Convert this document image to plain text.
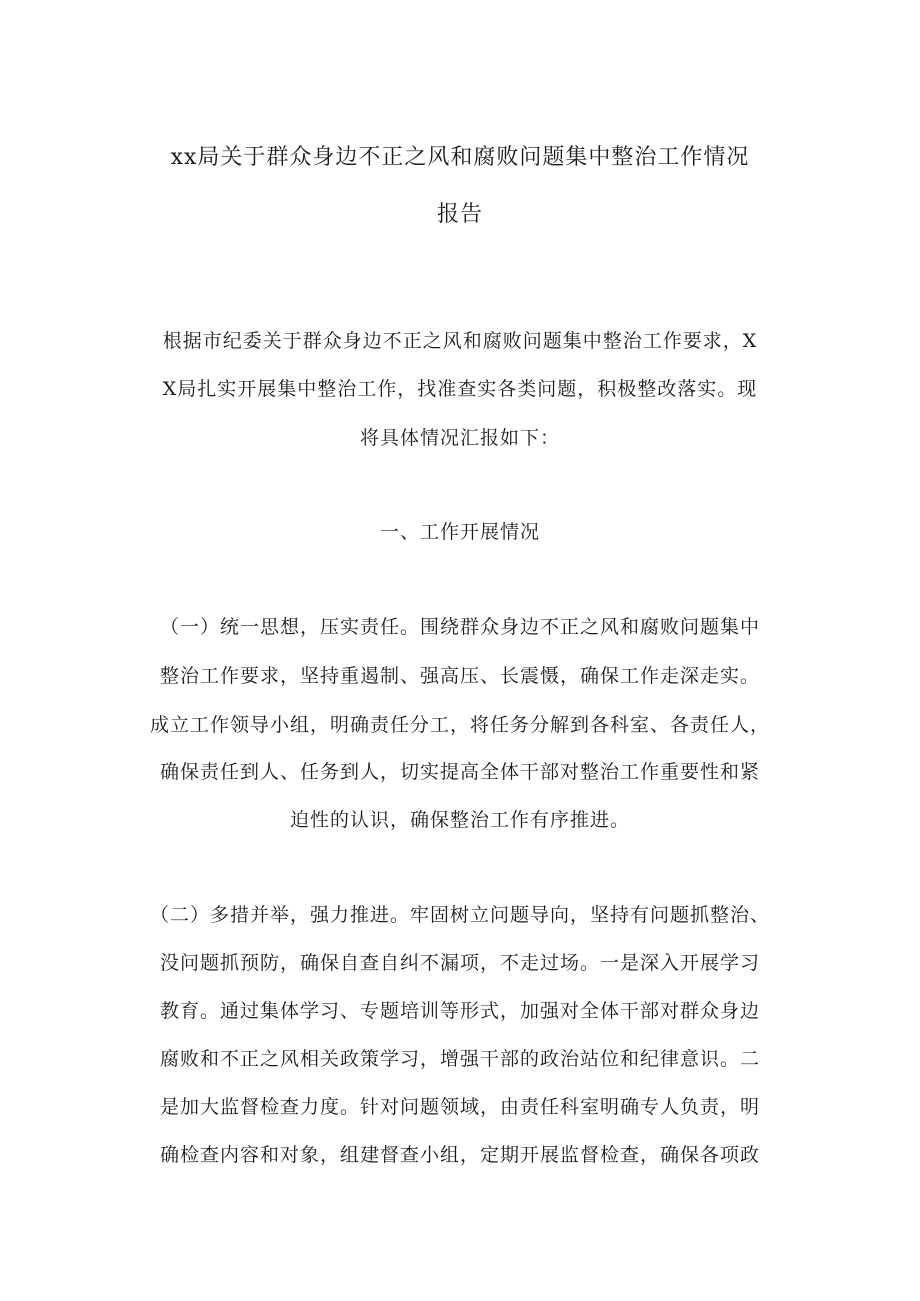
xx局关于群众身边不正之风和腐败问题集中整治工作情况
报告
根据市纪委关于群众身边不正之风和腐败问题集中整治工作要求，X
X局扎实开展集中整治工作，找准查实各类问题，积极整改落实。现
将具体情况汇报如下：
一、工作开展情况
（一）统一思想，压实责任。围绕群众身边不正之风和腐败问题集中
整治工作要求，坚持重遏制、强高压、长震慑，确保工作走深走实。
成立工作领导小组，明确责任分工，将任务分解到各科室、各责任人，
确保责任到人、任务到人，切实提高全体干部对整治工作重要性和紧
迫性的认识，确保整治工作有序推进。
（二）多措并举，强力推进。牢固树立问题导向，坚持有问题抓整治、
没问题抓预防，确保自查自纠不漏项，不走过场。一是深入开展学习
教育。通过集体学习、专题培训等形式，加强对全体干部对群众身边
腐败和不正之风相关政策学习，增强干部的政治站位和纪律意识。二
是加大监督检查力度。针对问题领域，由责任科室明确专人负责，明
确检查内容和对象，组建督查小组，定期开展监督检查，确保各项政
